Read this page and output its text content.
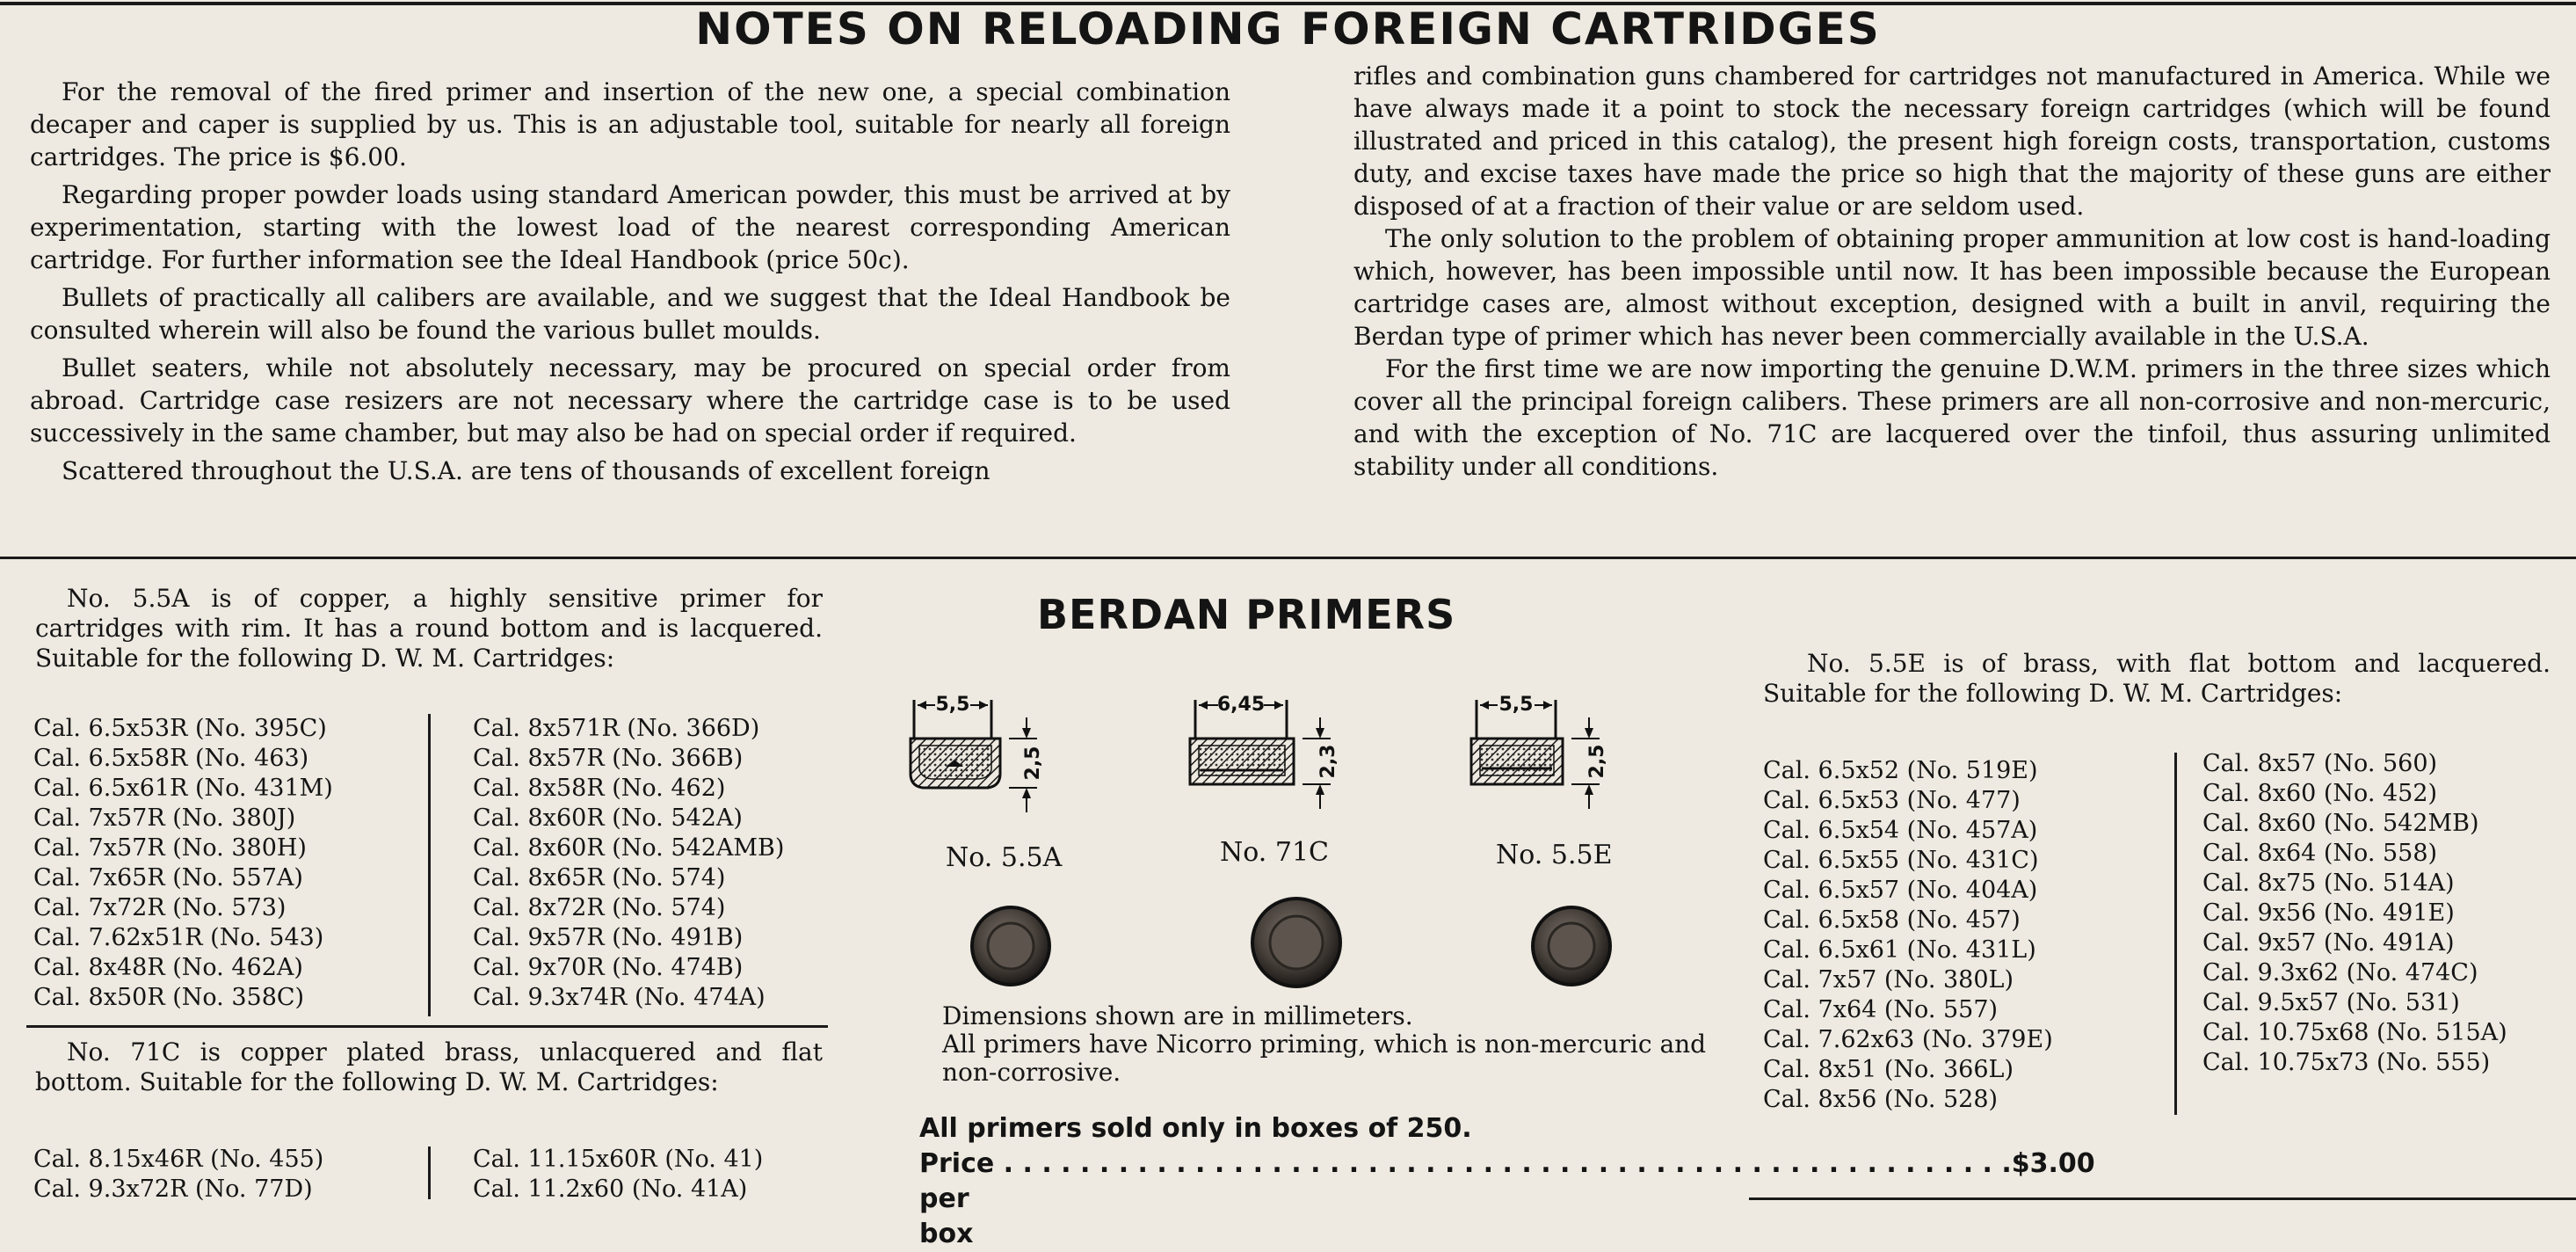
NOTES ON RELOADING FOREIGN CARTRIDGES

For the removal of the fired primer and insertion of the new one, a special combination decaper and caper is supplied by us. This is an adjustable tool, suitable for nearly all foreign cartridges. The price is $6.00.

Regarding proper powder loads using standard American powder, this must be arrived at by experimentation, starting with the lowest load of the nearest corresponding American cartridge. For further information see the Ideal Handbook (price 50c).

Bullets of practically all calibers are available, and we suggest that the Ideal Handbook be consulted wherein will also be found the various bullet moulds.

Bullet seaters, while not absolutely necessary, may be procured on special order from abroad. Cartridge case resizers are not necessary where the cartridge case is to be used successively in the same chamber, but may also be had on special order if required.

Scattered throughout the U.S.A. are tens of thousands of excellent foreign

rifles and combination guns chambered for cartridges not manufactured in America. While we have always made it a point to stock the necessary foreign cartridges (which will be found illustrated and priced in this catalog), the present high foreign costs, transportation, customs duty, and excise taxes have made the price so high that the majority of these guns are either disposed of at a fraction of their value or are seldom used.

The only solution to the problem of obtaining proper ammunition at low cost is hand-loading which, however, has been impossible until now. It has been impossible because the European cartridge cases are, almost without exception, designed with a built in anvil, requiring the Berdan type of primer which has never been commercially available in the U.S.A.

For the first time we are now importing the genuine D.W.M. primers in the three sizes which cover all the principal foreign calibers. These primers are all non-corrosive and non-mercuric, and with the exception of No. 71C are lacquered over the tinfoil, thus assuring unlimited stability under all conditions.

No. 5.5A is of copper, a highly sensitive primer for cartridges with rim. It has a round bottom and is lacquered. Suitable for the following D. W. M. Cartridges:

Cal. 6.5x53R (No. 395C)
Cal. 6.5x58R (No. 463)
Cal. 6.5x61R (No. 431M)
Cal. 7x57R (No. 380J)
Cal. 7x57R (No. 380H)
Cal. 7x65R (No. 557A)
Cal. 7x72R (No. 573)
Cal. 7.62x51R (No. 543)
Cal. 8x48R (No. 462A)
Cal. 8x50R (No. 358C)
Cal. 8x571R (No. 366D)
Cal. 8x57R (No. 366B)
Cal. 8x58R (No. 462)
Cal. 8x60R (No. 542A)
Cal. 8x60R (No. 542AMB)
Cal. 8x65R (No. 574)
Cal. 8x72R (No. 574)
Cal. 9x57R (No. 491B)
Cal. 9x70R (No. 474B)
Cal. 9.3x74R (No. 474A)

No. 71C is copper plated brass, unlacquered and flat bottom. Suitable for the following D. W. M. Cartridges:

Cal. 8.15x46R (No. 455)
Cal. 9.3x72R (No. 77D)
Cal. 11.15x60R (No. 41)
Cal. 11.2x60 (No. 41A)
BERDAN PRIMERS
5,5
2,5
6,45
2,3
5,5
2,5
No. 5.5A	No. 71C	No. 5.5E
Dimensions shown are in millimeters.
All primers have Nicorro priming, which is non-mercuric and non-corrosive.
All primers sold only in boxes of 250.
Price per box
. . . . . . . . . . . . . . . . . . . . . . . . . . . . . . . . . . . . . . . . . . . . . . . . . . . . . $3.00

No. 5.5E is of brass, with flat bottom and lacquered. Suitable for the following D. W. M. Cartridges:

Cal. 6.5x52 (No. 519E)
Cal. 6.5x53 (No. 477)
Cal. 6.5x54 (No. 457A)
Cal. 6.5x55 (No. 431C)
Cal. 6.5x57 (No. 404A)
Cal. 6.5x58 (No. 457)
Cal. 6.5x61 (No. 431L)
Cal. 7x57 (No. 380L)
Cal. 7x64 (No. 557)
Cal. 7.62x63 (No. 379E)
Cal. 8x51 (No. 366L)
Cal. 8x56 (No. 528)
Cal. 8x57 (No. 560)
Cal. 8x60 (No. 452)
Cal. 8x60 (No. 542MB)
Cal. 8x64 (No. 558)
Cal. 8x75 (No. 514A)
Cal. 9x56 (No. 491E)
Cal. 9x57 (No. 491A)
Cal. 9.3x62 (No. 474C)
Cal. 9.5x57 (No. 531)
Cal. 10.75x68 (No. 515A)
Cal. 10.75x73 (No. 555)
